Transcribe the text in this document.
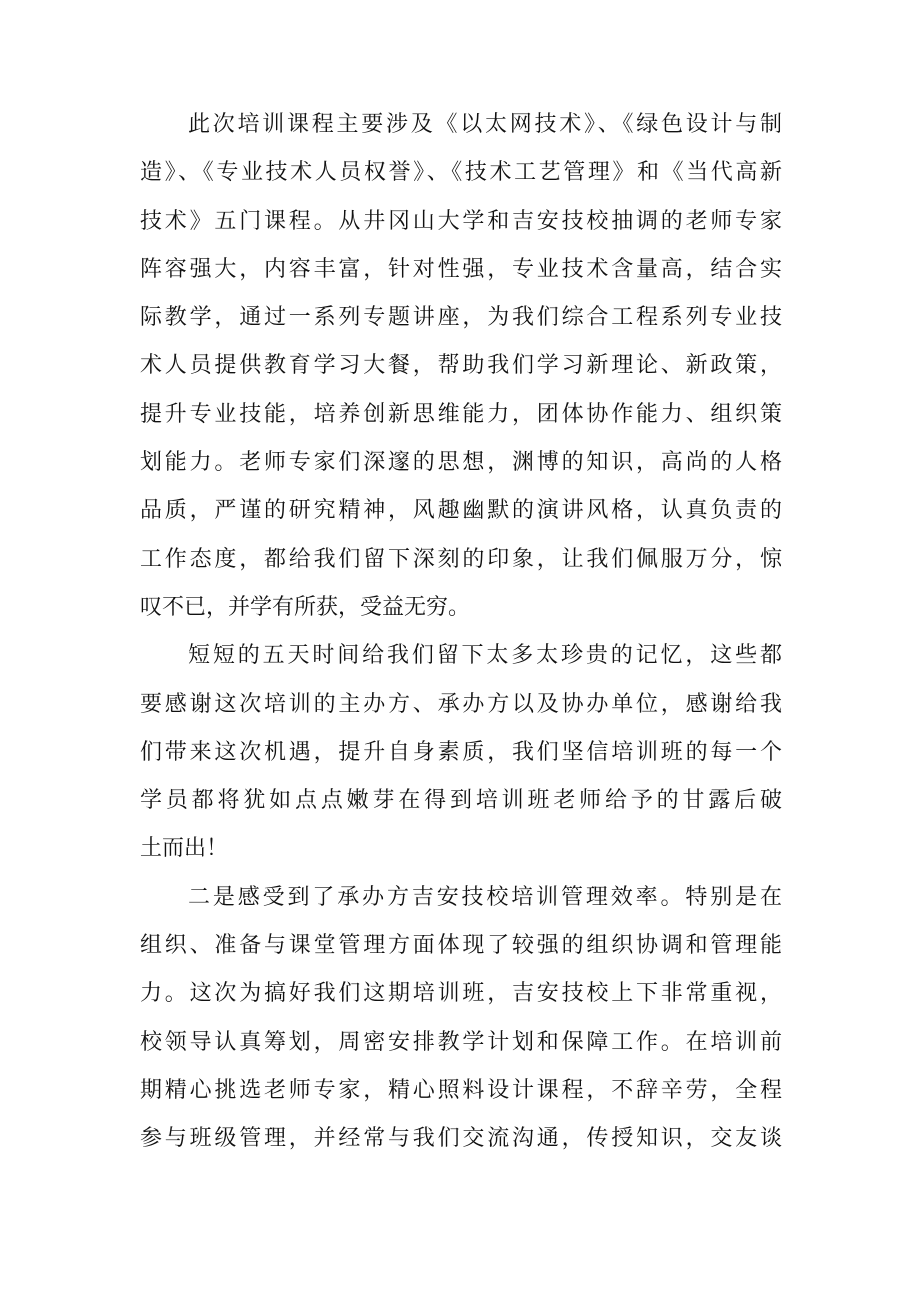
此次培训课程主要涉及《以太网技术》、《绿色设计与制
造》、《专业技术人员权誉》、《技术工艺管理》和《当代高新
技术》五门课程。从井冈山大学和吉安技校抽调的老师专家
阵容强大，内容丰富，针对性强，专业技术含量高，结合实
际教学，通过一系列专题讲座，为我们综合工程系列专业技
术人员提供教育学习大餐，帮助我们学习新理论、新政策，
提升专业技能，培养创新思维能力，团体协作能力、组织策
划能力。老师专家们深邃的思想，渊博的知识，高尚的人格
品质，严谨的研究精神，风趣幽默的演讲风格，认真负责的
工作态度，都给我们留下深刻的印象，让我们佩服万分，惊
叹不已，并学有所获，受益无穷。
短短的五天时间给我们留下太多太珍贵的记忆，这些都
要感谢这次培训的主办方、承办方以及协办单位，感谢给我
们带来这次机遇，提升自身素质，我们坚信培训班的每一个
学员都将犹如点点嫩芽在得到培训班老师给予的甘露后破
土而出！
二是感受到了承办方吉安技校培训管理效率。特别是在
组织、准备与课堂管理方面体现了较强的组织协调和管理能
力。这次为搞好我们这期培训班，吉安技校上下非常重视，
校领导认真筹划，周密安排教学计划和保障工作。在培训前
期精心挑选老师专家，精心照料设计课程，不辞辛劳，全程
参与班级管理，并经常与我们交流沟通，传授知识，交友谈
